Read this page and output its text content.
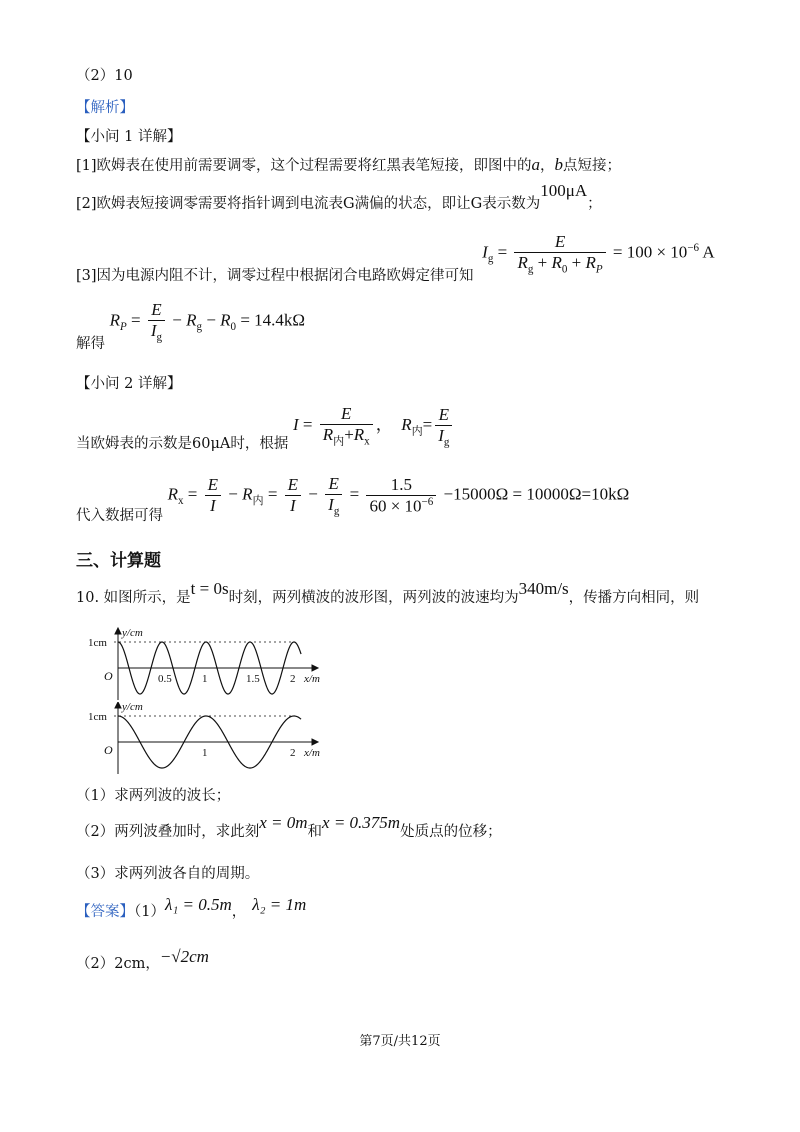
（2）10
【解析】
【小问 1 详解】
[1]欧姆表在使用前需要调零，这个过程需要将红黑表笔短接，即图中的a，b点短接；
[2]欧姆表短接调零需要将指针调到电流表G满偏的状态，即让G表示数为100μA；
[3]因为电源内阻不计，调零过程中根据闭合电路欧姆定律可知 $I_g = \frac{E}{R_g + R_0 + R_P} = 100 \times 10^{-6}$ A
解得 $R_P = \frac{E}{I_g} - R_g - R_0 = 14.4k\Omega$
【小问 2 详解】
当欧姆表的示数是60μA时，根据 $I = \frac{E}{R_内+R_x}$ ，  $R_内= \frac{E}{I_g}$
代入数据可得 $R_x = \frac{E}{I} - R_内 = \frac{E}{I} - \frac{E}{I_g} = \frac{1.5}{60 \times 10^{-6}} -15000\Omega = 10000\Omega=10k\Omega$
三、计算题
10. 如图所示，是t = 0s时刻，两列横波的波形图，两列波的波速均为340m/s，传播方向相同，则
1cm
y/cm
O	0.5	1	1.5	2 x/m
1cm
y/cm
O	1	2 x/m
（1）求两列波的波长；
（2）两列波叠加时，求此刻x = 0m和x = 0.375m处质点的位移；
（3）求两列波各自的周期。
【答案】（1）λ₁ = 0.5m， λ₂ = 1m
（2）2cm，−√2cm
第7页/共12页
